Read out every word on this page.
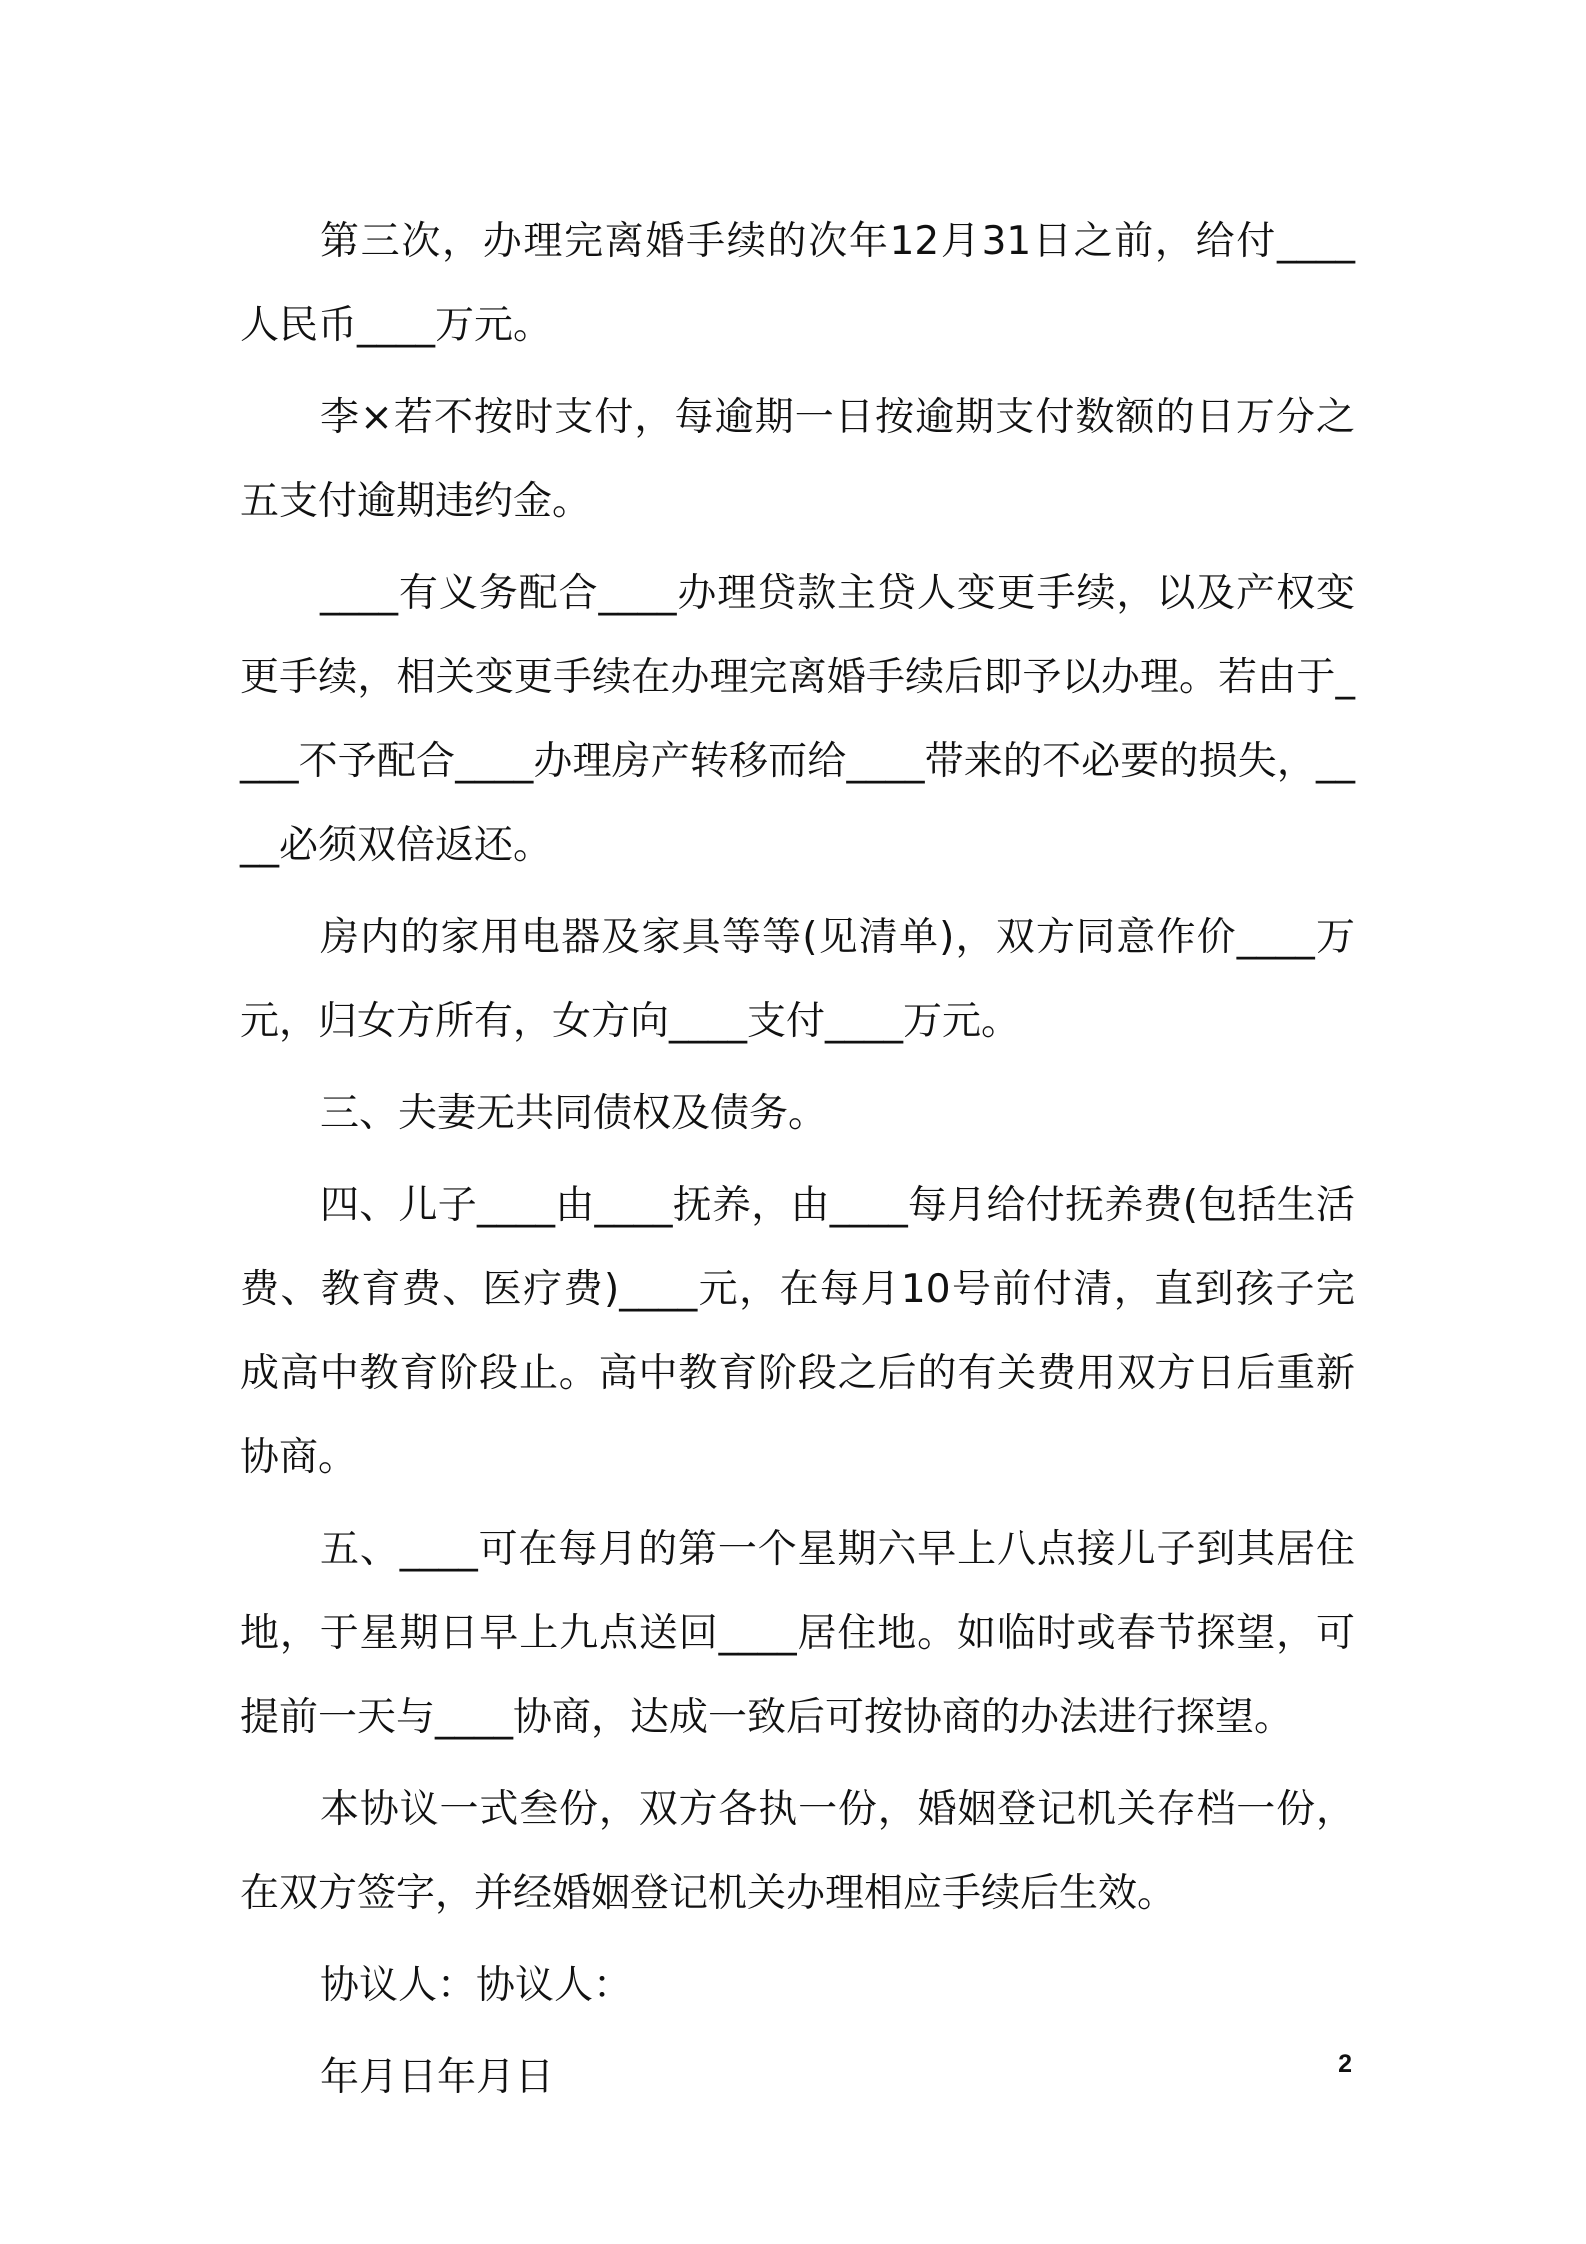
第三次，办理完离婚手续的次年12月31日之前，给付____人民币____万元。

李×若不按时支付，每逾期一日按逾期支付数额的日万分之五支付逾期违约金。

____有义务配合____办理贷款主贷人变更手续，以及产权变更手续，相关变更手续在办理完离婚手续后即予以办理。若由于____不予配合____办理房产转移而给____带来的不必要的损失，____必须双倍返还。

房内的家用电器及家具等等(见清单)，双方同意作价____万元，归女方所有，女方向____支付____万元。

三、夫妻无共同债权及债务。

四、儿子____由____抚养，由____每月给付抚养费(包括生活费、教育费、医疗费)____元，在每月10号前付清，直到孩子完成高中教育阶段止。高中教育阶段之后的有关费用双方日后重新协商。

五、____可在每月的第一个星期六早上八点接儿子到其居住地，于星期日早上九点送回____居住地。如临时或春节探望，可提前一天与____协商，达成一致后可按协商的办法进行探望。

本协议一式叁份，双方各执一份，婚姻登记机关存档一份，在双方签字，并经婚姻登记机关办理相应手续后生效。

协议人：协议人：

年月日年月日	2
